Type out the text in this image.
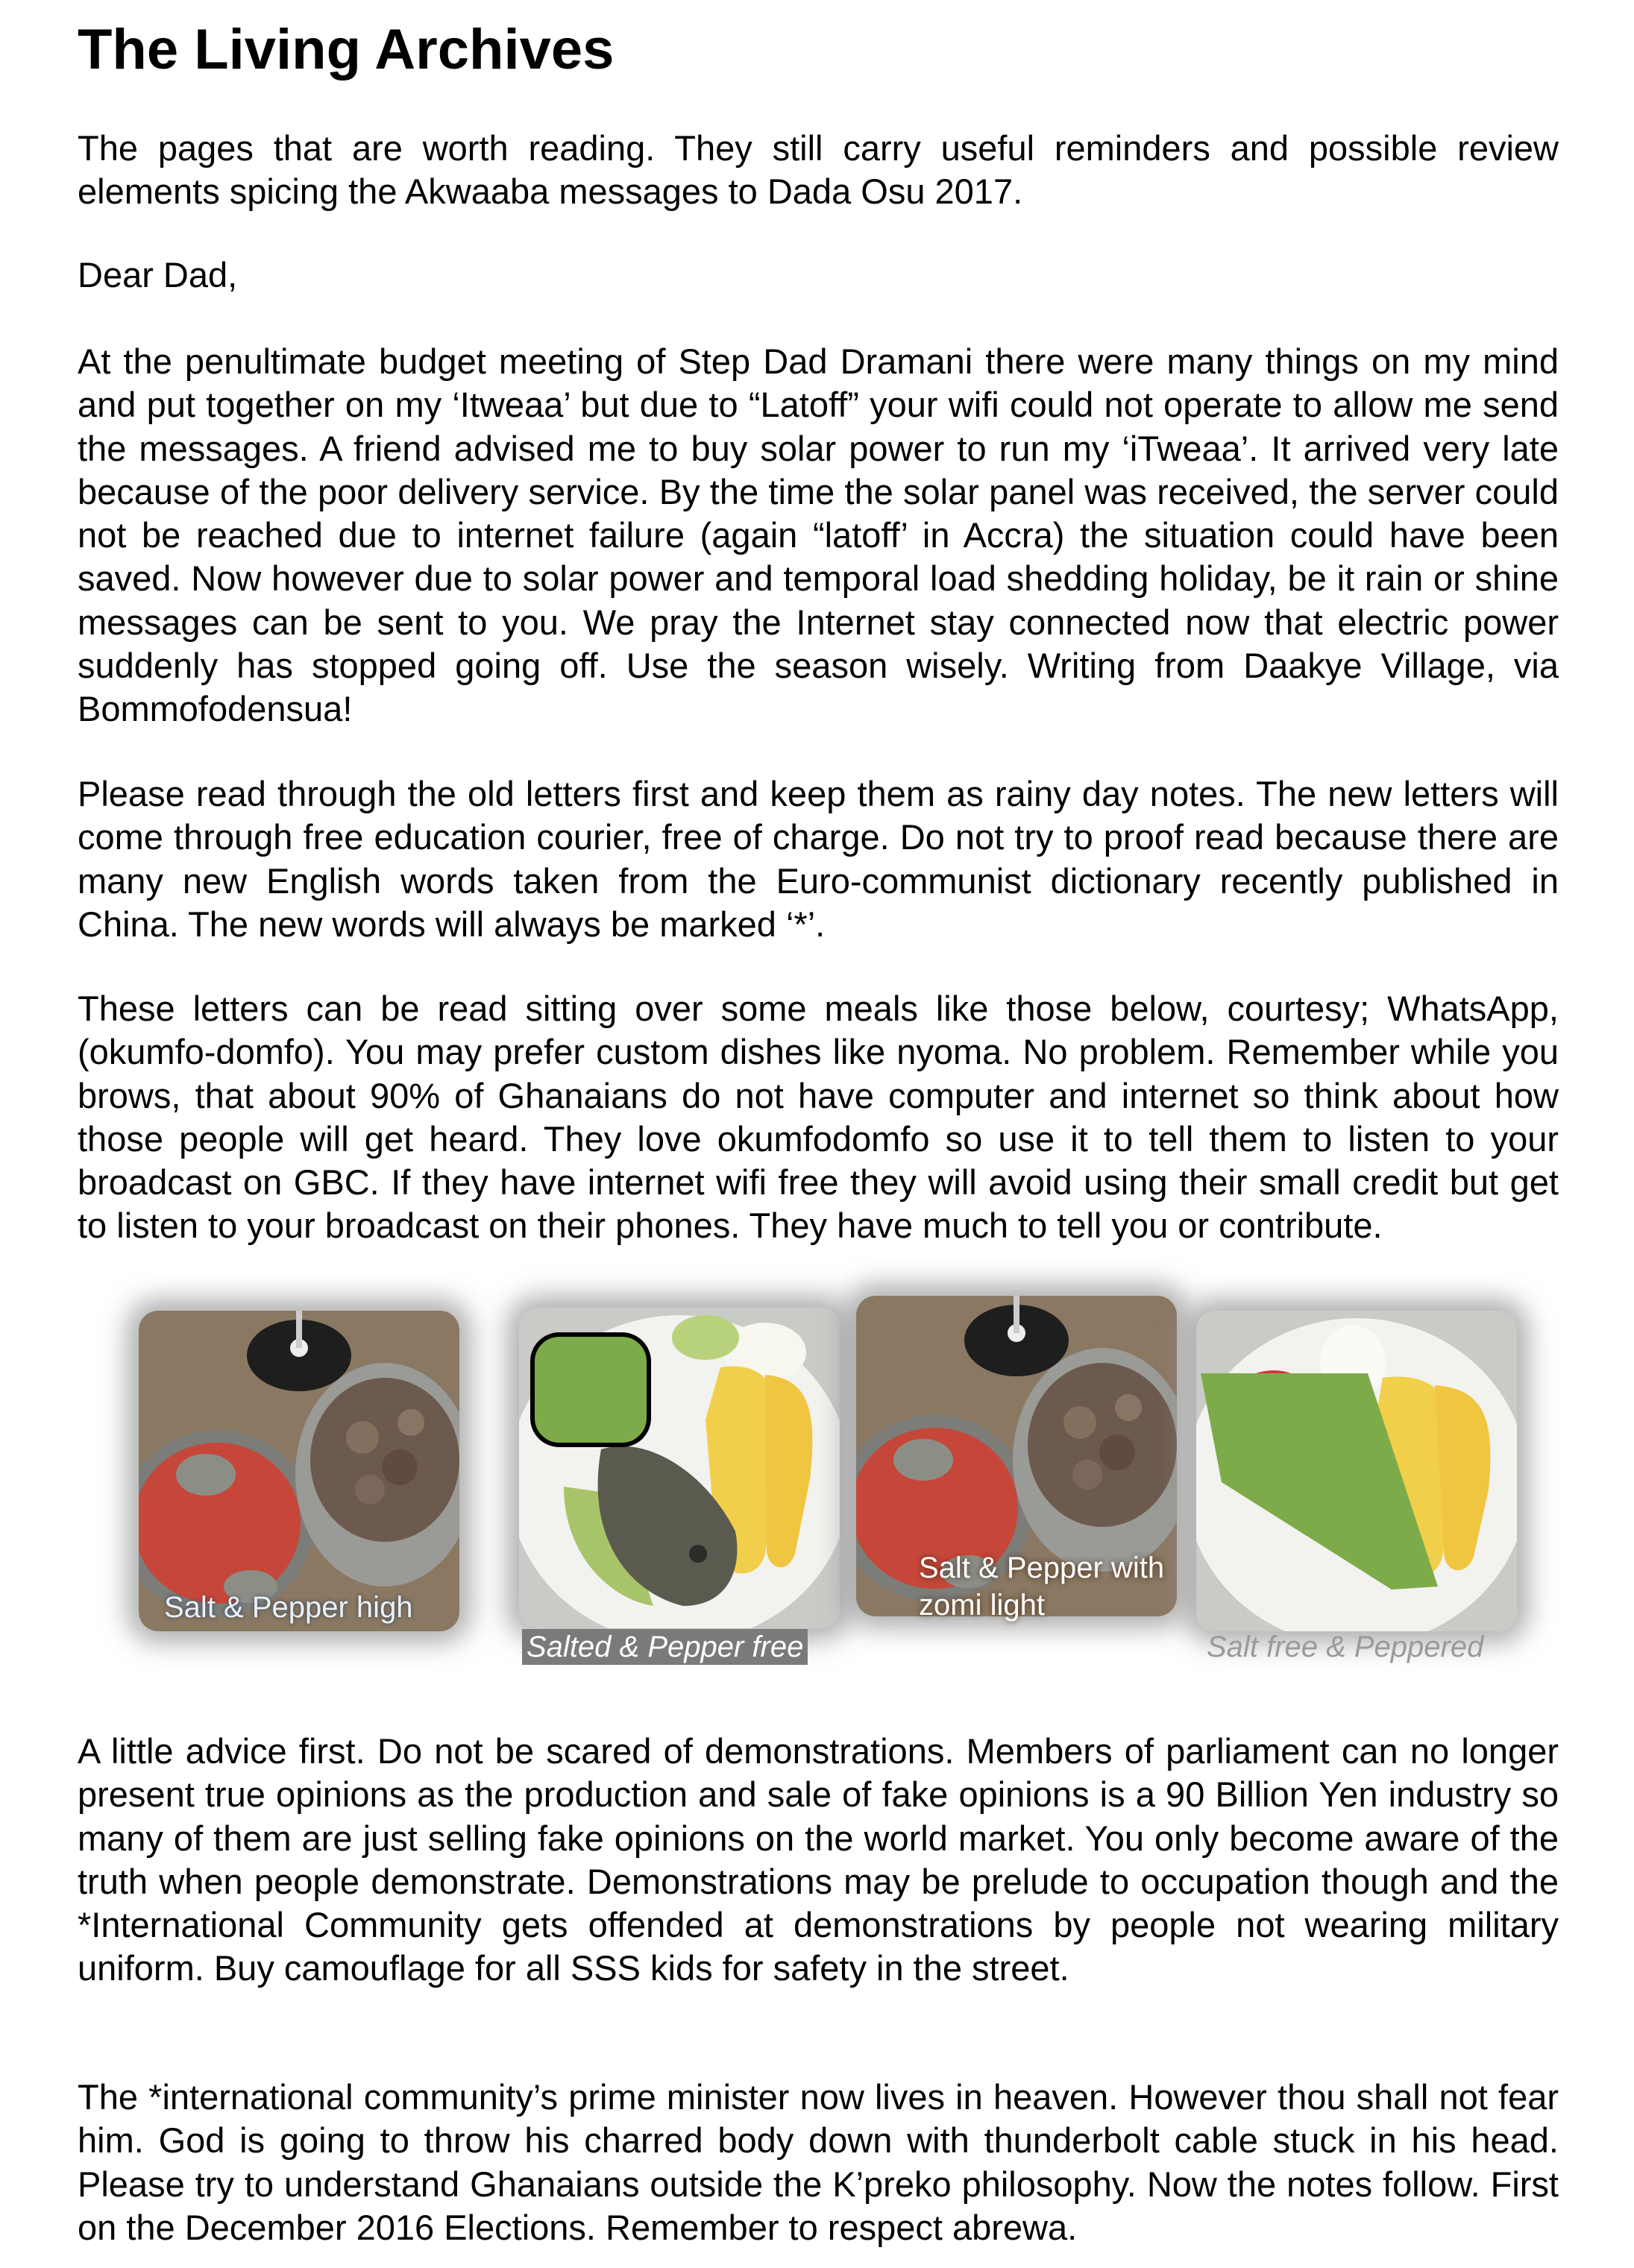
The Living Archives

The pages that are worth reading. They still carry useful reminders and possible review elements spicing the Akwaaba messages to Dada Osu 2017.

Dear Dad,

At the penultimate budget meeting of Step Dad Dramani there were many things on my mind and put together on my ‘Itweaa’ but due to “Latoff” your wifi could not operate to allow me send the messages. A friend advised me to buy solar power to run my ‘iTweaa’. It arrived very late because of the poor delivery service. By the time the solar panel was received, the server could not be reached due to internet failure (again “latoff’ in Accra) the situation could have been saved. Now however due to solar power and temporal load shedding holiday, be it rain or shine messages can be sent to you. We pray the Internet stay connected now that electric power suddenly has stopped going off. Use the season wisely. Writing from Daakye Village, via Bommofodensua!

Please read through the old letters first and keep them as rainy day notes. The new letters will come through free education courier, free of charge. Do not try to proof read because there are many new English words taken from the Euro-communist dictionary recently published in China. The new words will always be marked ‘*’.

These letters can be read sitting over some meals like those below, courtesy; WhatsApp, (okumfo-domfo). You may prefer custom dishes like nyoma. No problem. Remember while you brows, that about 90% of Ghanaians do not have computer and internet so think about how those people will get heard. They love okumfodomfo so use it to tell them to listen to your broadcast on GBC. If they have internet wifi free they will avoid using their small credit but get to listen to your broadcast on their phones. They have much to tell you or contribute.

A little advice first. Do not be scared of demonstrations. Members of parliament can no longer present true opinions as the production and sale of fake opinions is a 90 Billion Yen industry so many of them are just selling fake opinions on the world market. You only become aware of the truth when people demonstrate. Demonstrations may be prelude to occupation though and the *International Community gets offended at demonstrations by people not wearing military uniform. Buy camouflage for all SSS kids for safety in the street.

The *international community’s prime minister now lives in heaven. However thou shall not fear him. God is going to throw his charred body down with thunderbolt cable stuck in his head. Please try to understand Ghanaians outside the K’preko philosophy. Now the notes follow. First on the December 2016 Elections. Remember to respect abrewa.

Salt & Pepper high
Salted & Pepper free
Salt & Pepper with zomi light
Salt free & Peppered
